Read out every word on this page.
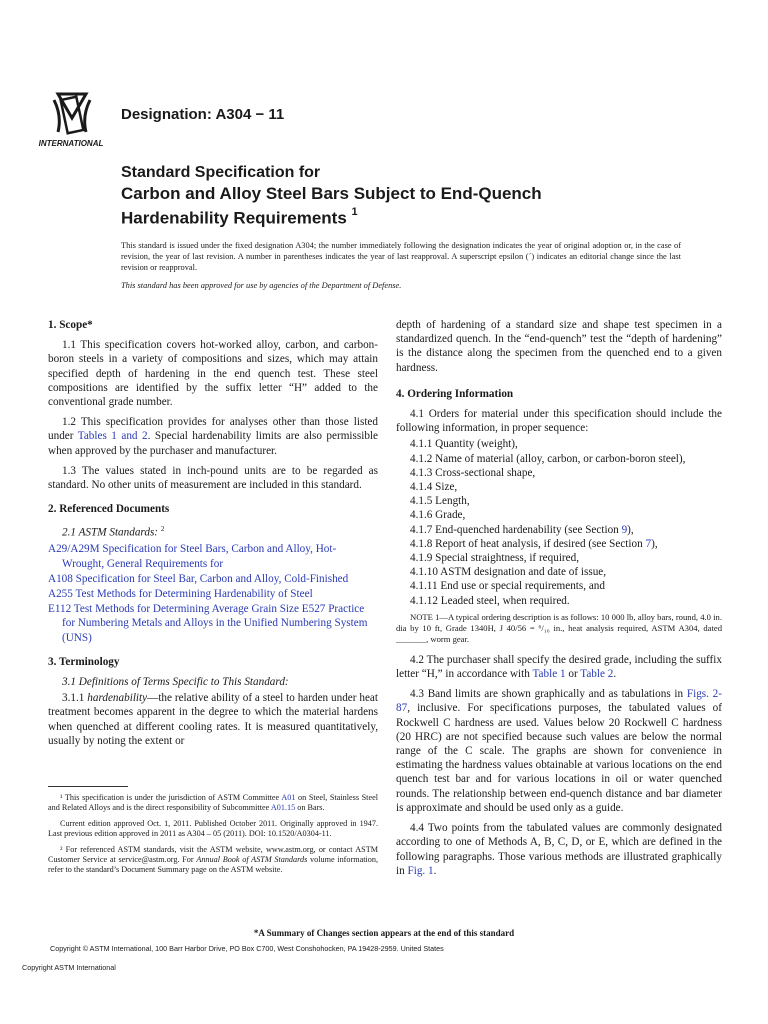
INTERNATIONAL
Designation: A304 − 11
Standard Specification for
Carbon and Alloy Steel Bars Subject to End-Quench
Hardenability Requirements $^1$
This standard is issued under the fixed designation A304; the number immediately following the designation indicates the year of original adoption or, in the case of revision, the year of last revision. A number in parentheses indicates the year of last reapproval. A superscript epsilon (´) indicates an editorial change since the last revision or reapproval.
This standard has been approved for use by agencies of the Department of Defense.
1. Scope*

1.1 This specification covers hot-worked alloy, carbon, and carbon-boron steels in a variety of compositions and sizes, which may attain specified depth of hardening in the end quench test. These steel compositions are identified by the suffix letter “H” added to the conventional grade number.

1.2 This specification provides for analyses other than those listed under Tables 1 and 2. Special hardenability limits are also permissible when approved by the purchaser and manufacturer.

1.3 The values stated in inch-pound units are to be regarded as standard. No other units of measurement are included in this standard.

2. Referenced Documents

2.1 ASTM Standards: $^2$

A29/A29M Specification for Steel Bars, Carbon and Alloy, Hot-Wrought, General Requirements for
A108 Specification for Steel Bar, Carbon and Alloy, Cold-Finished
A255 Test Methods for Determining Hardenability of Steel
E112 Test Methods for Determining Average Grain Size E527 Practice for Numbering Metals and Alloys in the Unified Numbering System (UNS)
3. Terminology

3.1 Definitions of Terms Specific to This Standard:

3.1.1 hardenability—the relative ability of a steel to harden under heat treatment becomes apparent in the degree to which the material hardens when quenched at different cooling rates. It is measured quantitatively, usually by noting the extent or

¹ This specification is under the jurisdiction of ASTM Committee A01 on Steel, Stainless Steel and Related Alloys and is the direct responsibility of Subcommittee A01.15 on Bars.

Current edition approved Oct. 1, 2011. Published October 2011. Originally approved in 1947. Last previous edition approved in 2011 as A304 – 05 (2011). DOI: 10.1520/A0304-11.

² For referenced ASTM standards, visit the ASTM website, www.astm.org, or contact ASTM Customer Service at service@astm.org. For Annual Book of ASTM Standards volume information, refer to the standard’s Document Summary page on the ASTM website.

depth of hardening of a standard size and shape test specimen in a standardized quench. In the “end-quench” test the “depth of hardening” is the distance along the specimen from the quenched end to a given hardness.

4. Ordering Information

4.1 Orders for material under this specification should include the following information, in proper sequence:

4.1.1 Quantity (weight),
4.1.2 Name of material (alloy, carbon, or carbon-boron steel),
4.1.3 Cross-sectional shape,
4.1.4 Size,
4.1.5 Length,
4.1.6 Grade,
4.1.7 End-quenched hardenability (see Section 9),
4.1.8 Report of heat analysis, if desired (see Section 7),
4.1.9 Special straightness, if required,
4.1.10 ASTM designation and date of issue,
4.1.11 End use or special requirements, and
4.1.12 Leaded steel, when required.

NOTE 1—A typical ordering description is as follows: 10 000 lb, alloy bars, round, 4.0 in. dia by 10 ft, Grade 1340H, J 40/56 = ⁶/₁₆ in., heat analysis required, ASTM A304, dated _______, worm gear.

4.2 The purchaser shall specify the desired grade, including the suffix letter “H,” in accordance with Table 1 or Table 2.

4.3 Band limits are shown graphically and as tabulations in Figs. 2-87, inclusive. For specifications purposes, the tabulated values of Rockwell C hardness are used. Values below 20 Rockwell C hardness (20 HRC) are not specified because such values are below the normal range of the C scale. The graphs are shown for convenience in estimating the hardness values obtainable at various locations on the end quench test bar and for various locations in oil or water quenched rounds. The relationship between end-quench distance and bar diameter is approximate and should be used only as a guide.

4.4 Two points from the tabulated values are commonly designated according to one of Methods A, B, C, D, or E, which are defined in the following paragraphs. Those various methods are illustrated graphically in Fig. 1.

*A Summary of Changes section appears at the end of this standard
Copyright © ASTM International, 100 Barr Harbor Drive, PO Box C700, West Conshohocken, PA 19428-2959. United States
Copyright ASTM International
